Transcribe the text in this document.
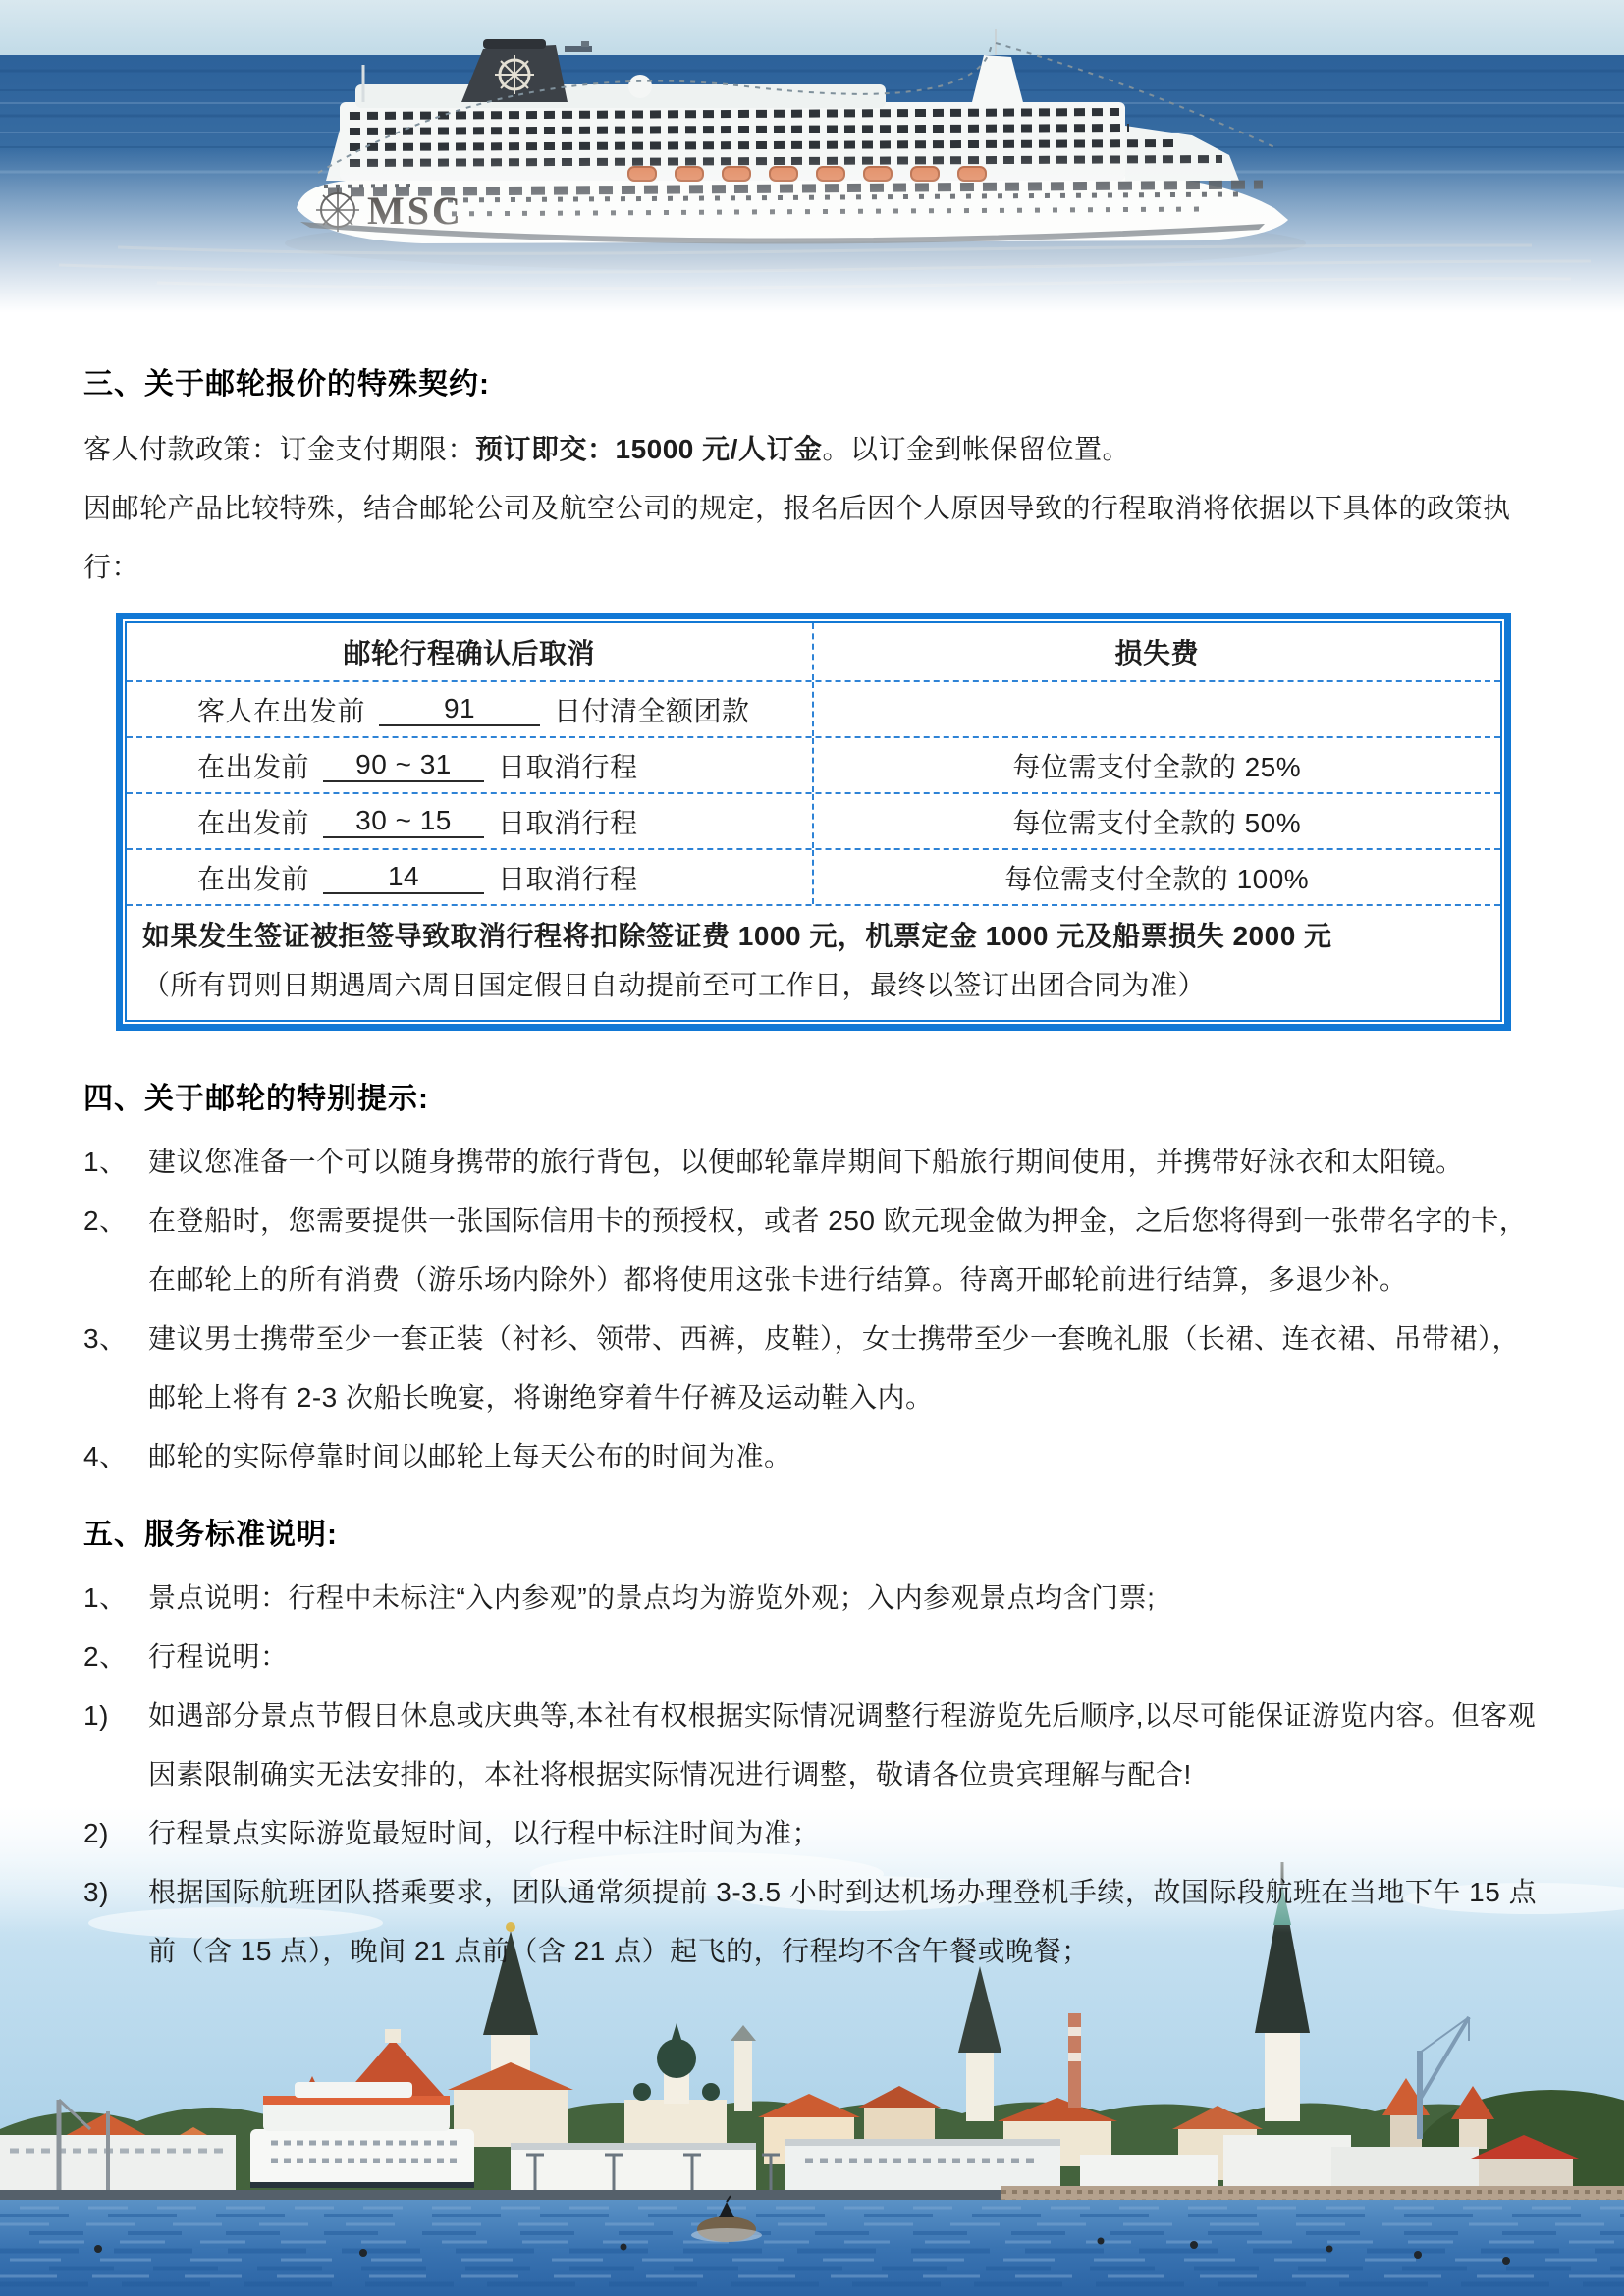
三、关于邮轮报价的特殊契约:

客人付款政策：订金支付期限：预订即交：15000 元/人订金。以订金到帐保留位置。

因邮轮产品比较特殊，结合邮轮公司及航空公司的规定，报名后因个人原因导致的行程取消将依据以下具体的政策执行：

邮轮行程确认后取消	损失费
客人在出发前	91	日付清全额团款
在出发前	90 ~ 31	日取消行程	每位需支付全款的 25%
在出发前	30 ~ 15	日取消行程	每位需支付全款的 50%
在出发前	14	日取消行程	每位需支付全款的 100%
如果发生签证被拒签导致取消行程将扣除签证费 1000 元，机票定金 1000 元及船票损失 2000 元
（所有罚则日期遇周六周日国定假日自动提前至可工作日，最终以签订出团合同为准）
四、关于邮轮的特别提示:
1、 建议您准备一个可以随身携带的旅行背包，以便邮轮靠岸期间下船旅行期间使用，并携带好泳衣和太阳镜。
2、 在登船时，您需要提供一张国际信用卡的预授权，或者 250 欧元现金做为押金，之后您将得到一张带名字的卡，在邮轮上的所有消费（游乐场内除外）都将使用这张卡进行结算。待离开邮轮前进行结算，多退少补。
3、 建议男士携带至少一套正装（衬衫、领带、西裤，皮鞋），女士携带至少一套晚礼服（长裙、连衣裙、吊带裙），邮轮上将有 2-3 次船长晚宴，将谢绝穿着牛仔裤及运动鞋入内。
4、 邮轮的实际停靠时间以邮轮上每天公布的时间为准。
五、服务标准说明:
1、 景点说明：行程中未标注“入内参观”的景点均为游览外观；入内参观景点均含门票;
2、 行程说明：
1)	如遇部分景点节假日休息或庆典等,本社有权根据实际情况调整行程游览先后顺序,以尽可能保证游览内容。但客观因素限制确实无法安排的，本社将根据实际情况进行调整，敬请各位贵宾理解与配合!
2)	行程景点实际游览最短时间，以行程中标注时间为准；
3)	根据国际航班团队搭乘要求，团队通常须提前 3-3.5 小时到达机场办理登机手续，故国际段航班在当地下午 15 点前（含 15 点），晚间 21 点前（含 21 点）起飞的，行程均不含午餐或晚餐；
